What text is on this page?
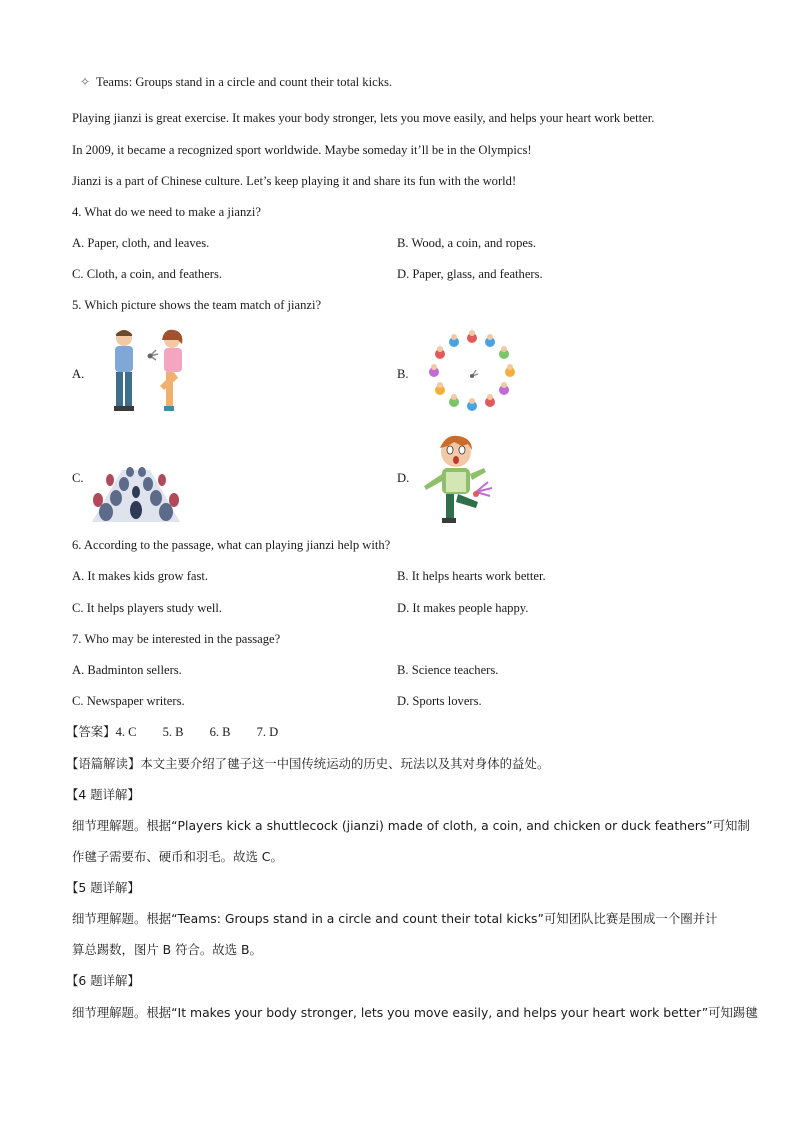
✧ Teams: Groups stand in a circle and count their total kicks.
Playing jianzi is great exercise. It makes your body stronger, lets you move easily, and helps your heart work better.
In 2009, it became a recognized sport worldwide. Maybe someday it’ll be in the Olympics!
Jianzi is a part of Chinese culture. Let’s keep playing it and share its fun with the world!
4. What do we need to make a jianzi?
A. Paper, cloth, and leaves.	B. Wood, a coin, and ropes.
C. Cloth, a coin, and feathers.	D. Paper, glass, and feathers.
5. Which picture shows the team match of jianzi?
A.	B.
C.	D.
6. According to the passage, what can playing jianzi help with?
A. It makes kids grow fast.	B. It helps hearts work better.
C. It helps players study well.	D. It makes people happy.
7. Who may be interested in the passage?
A. Badminton sellers.	B. Science teachers.
C. Newspaper writers.	D. Sports lovers.
【答案】4. C 5. B 6. B 7. D
【语篇解读】本文主要介绍了毽子这一中国传统运动的历史、玩法以及其对身体的益处。
【4 题详解】
细节理解题。根据“Players kick a shuttlecock (jianzi) made of cloth, a coin, and chicken or duck feathers”可知制
作毽子需要布、硬币和羽毛。故选 C。
【5 题详解】
细节理解题。根据“Teams: Groups stand in a circle and count their total kicks”可知团队比赛是围成一个圈并计
算总踢数，图片 B 符合。故选 B。
【6 题详解】
细节理解题。根据“It makes your body stronger, lets you move easily, and helps your heart work better”可知踢毽
